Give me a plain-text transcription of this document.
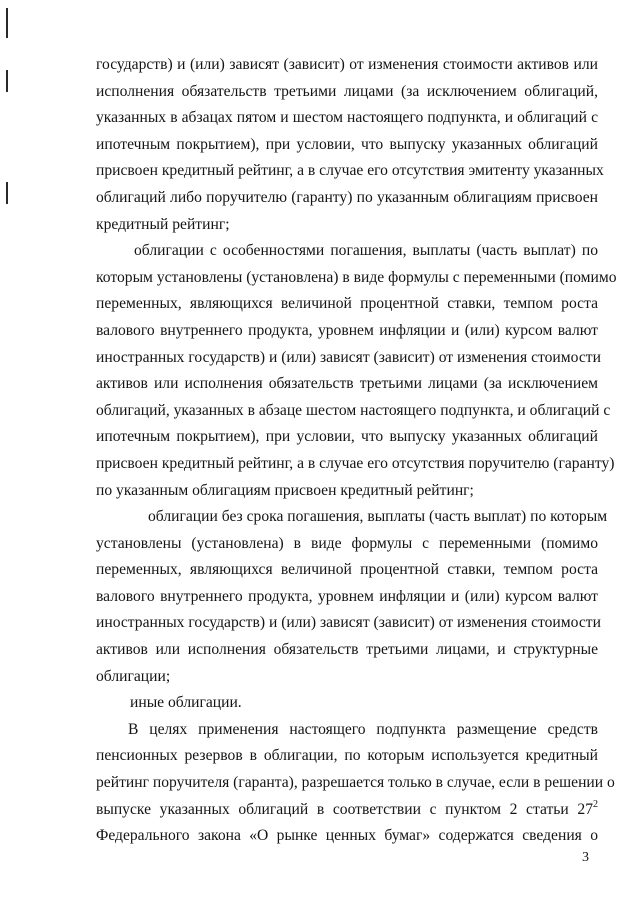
государств) и (или) зависят (зависит) от изменения стоимости активов или
исполнения обязательств третьими лицами (за исключением облигаций,
указанных в абзацах пятом и шестом настоящего подпункта, и облигаций с
ипотечным покрытием), при условии, что выпуску указанных облигаций
присвоен кредитный рейтинг, а в случае его отсутствия эмитенту указанных
облигаций либо поручителю (гаранту) по указанным облигациям присвоен
кредитный рейтинг;

облигации с особенностями погашения, выплаты (часть выплат) по
которым установлены (установлена) в виде формулы с переменными (помимо
переменных, являющихся величиной процентной ставки, темпом роста
валового внутреннего продукта, уровнем инфляции и (или) курсом валют
иностранных государств) и (или) зависят (зависит) от изменения стоимости
активов или исполнения обязательств третьими лицами (за исключением
облигаций, указанных в абзаце шестом настоящего подпункта, и облигаций с
ипотечным покрытием), при условии, что выпуску указанных облигаций
присвоен кредитный рейтинг, а в случае его отсутствия поручителю (гаранту)
по указанным облигациям присвоен кредитный рейтинг;

облигации без срока погашения, выплаты (часть выплат) по которым
установлены (установлена) в виде формулы с переменными (помимо
переменных, являющихся величиной процентной ставки, темпом роста
валового внутреннего продукта, уровнем инфляции и (или) курсом валют
иностранных государств) и (или) зависят (зависит) от изменения стоимости
активов или исполнения обязательств третьими лицами, и структурные
облигации;

иные облигации.

В целях применения настоящего подпункта размещение средств
пенсионных резервов в облигации, по которым используется кредитный
рейтинг поручителя (гаранта), разрешается только в случае, если в решении о
выпуске указанных облигаций в соответствии с пунктом 2 статьи $27^2$
Федерального закона «О рынке ценных бумаг» содержатся сведения о

3
